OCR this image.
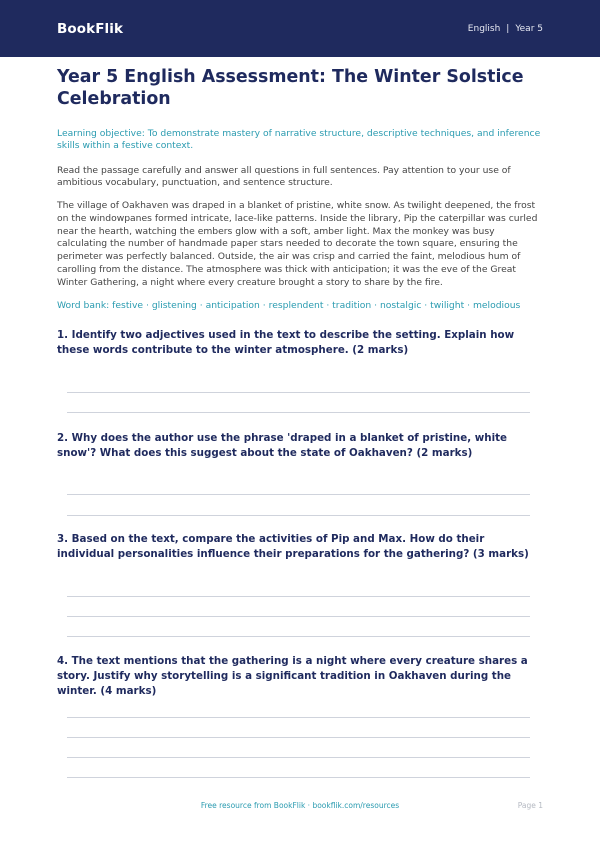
BookFlik	English | Year 5
Year 5 English Assessment: The Winter Solstice Celebration

Learning objective: To demonstrate mastery of narrative structure, descriptive techniques, and inference skills within a festive context.

Read the passage carefully and answer all questions in full sentences. Pay attention to your use of ambitious vocabulary, punctuation, and sentence structure.

The village of Oakhaven was draped in a blanket of pristine, white snow. As twilight deepened, the frost on the windowpanes formed intricate, lace-like patterns. Inside the library, Pip the caterpillar was curled near the hearth, watching the embers glow with a soft, amber light. Max the monkey was busy calculating the number of handmade paper stars needed to decorate the town square, ensuring the perimeter was perfectly balanced. Outside, the air was crisp and carried the faint, melodious hum of carolling from the distance. The atmosphere was thick with anticipation; it was the eve of the Great Winter Gathering, a night where every creature brought a story to share by the fire.

Word bank: festive · glistening · anticipation · resplendent · tradition · nostalgic · twilight · melodious

1. Identify two adjectives used in the text to describe the setting. Explain how these words contribute to the winter atmosphere. (2 marks)
2. Why does the author use the phrase 'draped in a blanket of pristine, white snow'? What does this suggest about the state of Oakhaven? (2 marks)
3. Based on the text, compare the activities of Pip and Max. How do their individual personalities influence their preparations for the gathering? (3 marks)
4. The text mentions that the gathering is a night where every creature shares a story. Justify why storytelling is a significant tradition in Oakhaven during the winter. (4 marks)
Free resource from BookFlik · bookflik.com/resources	Page 1
